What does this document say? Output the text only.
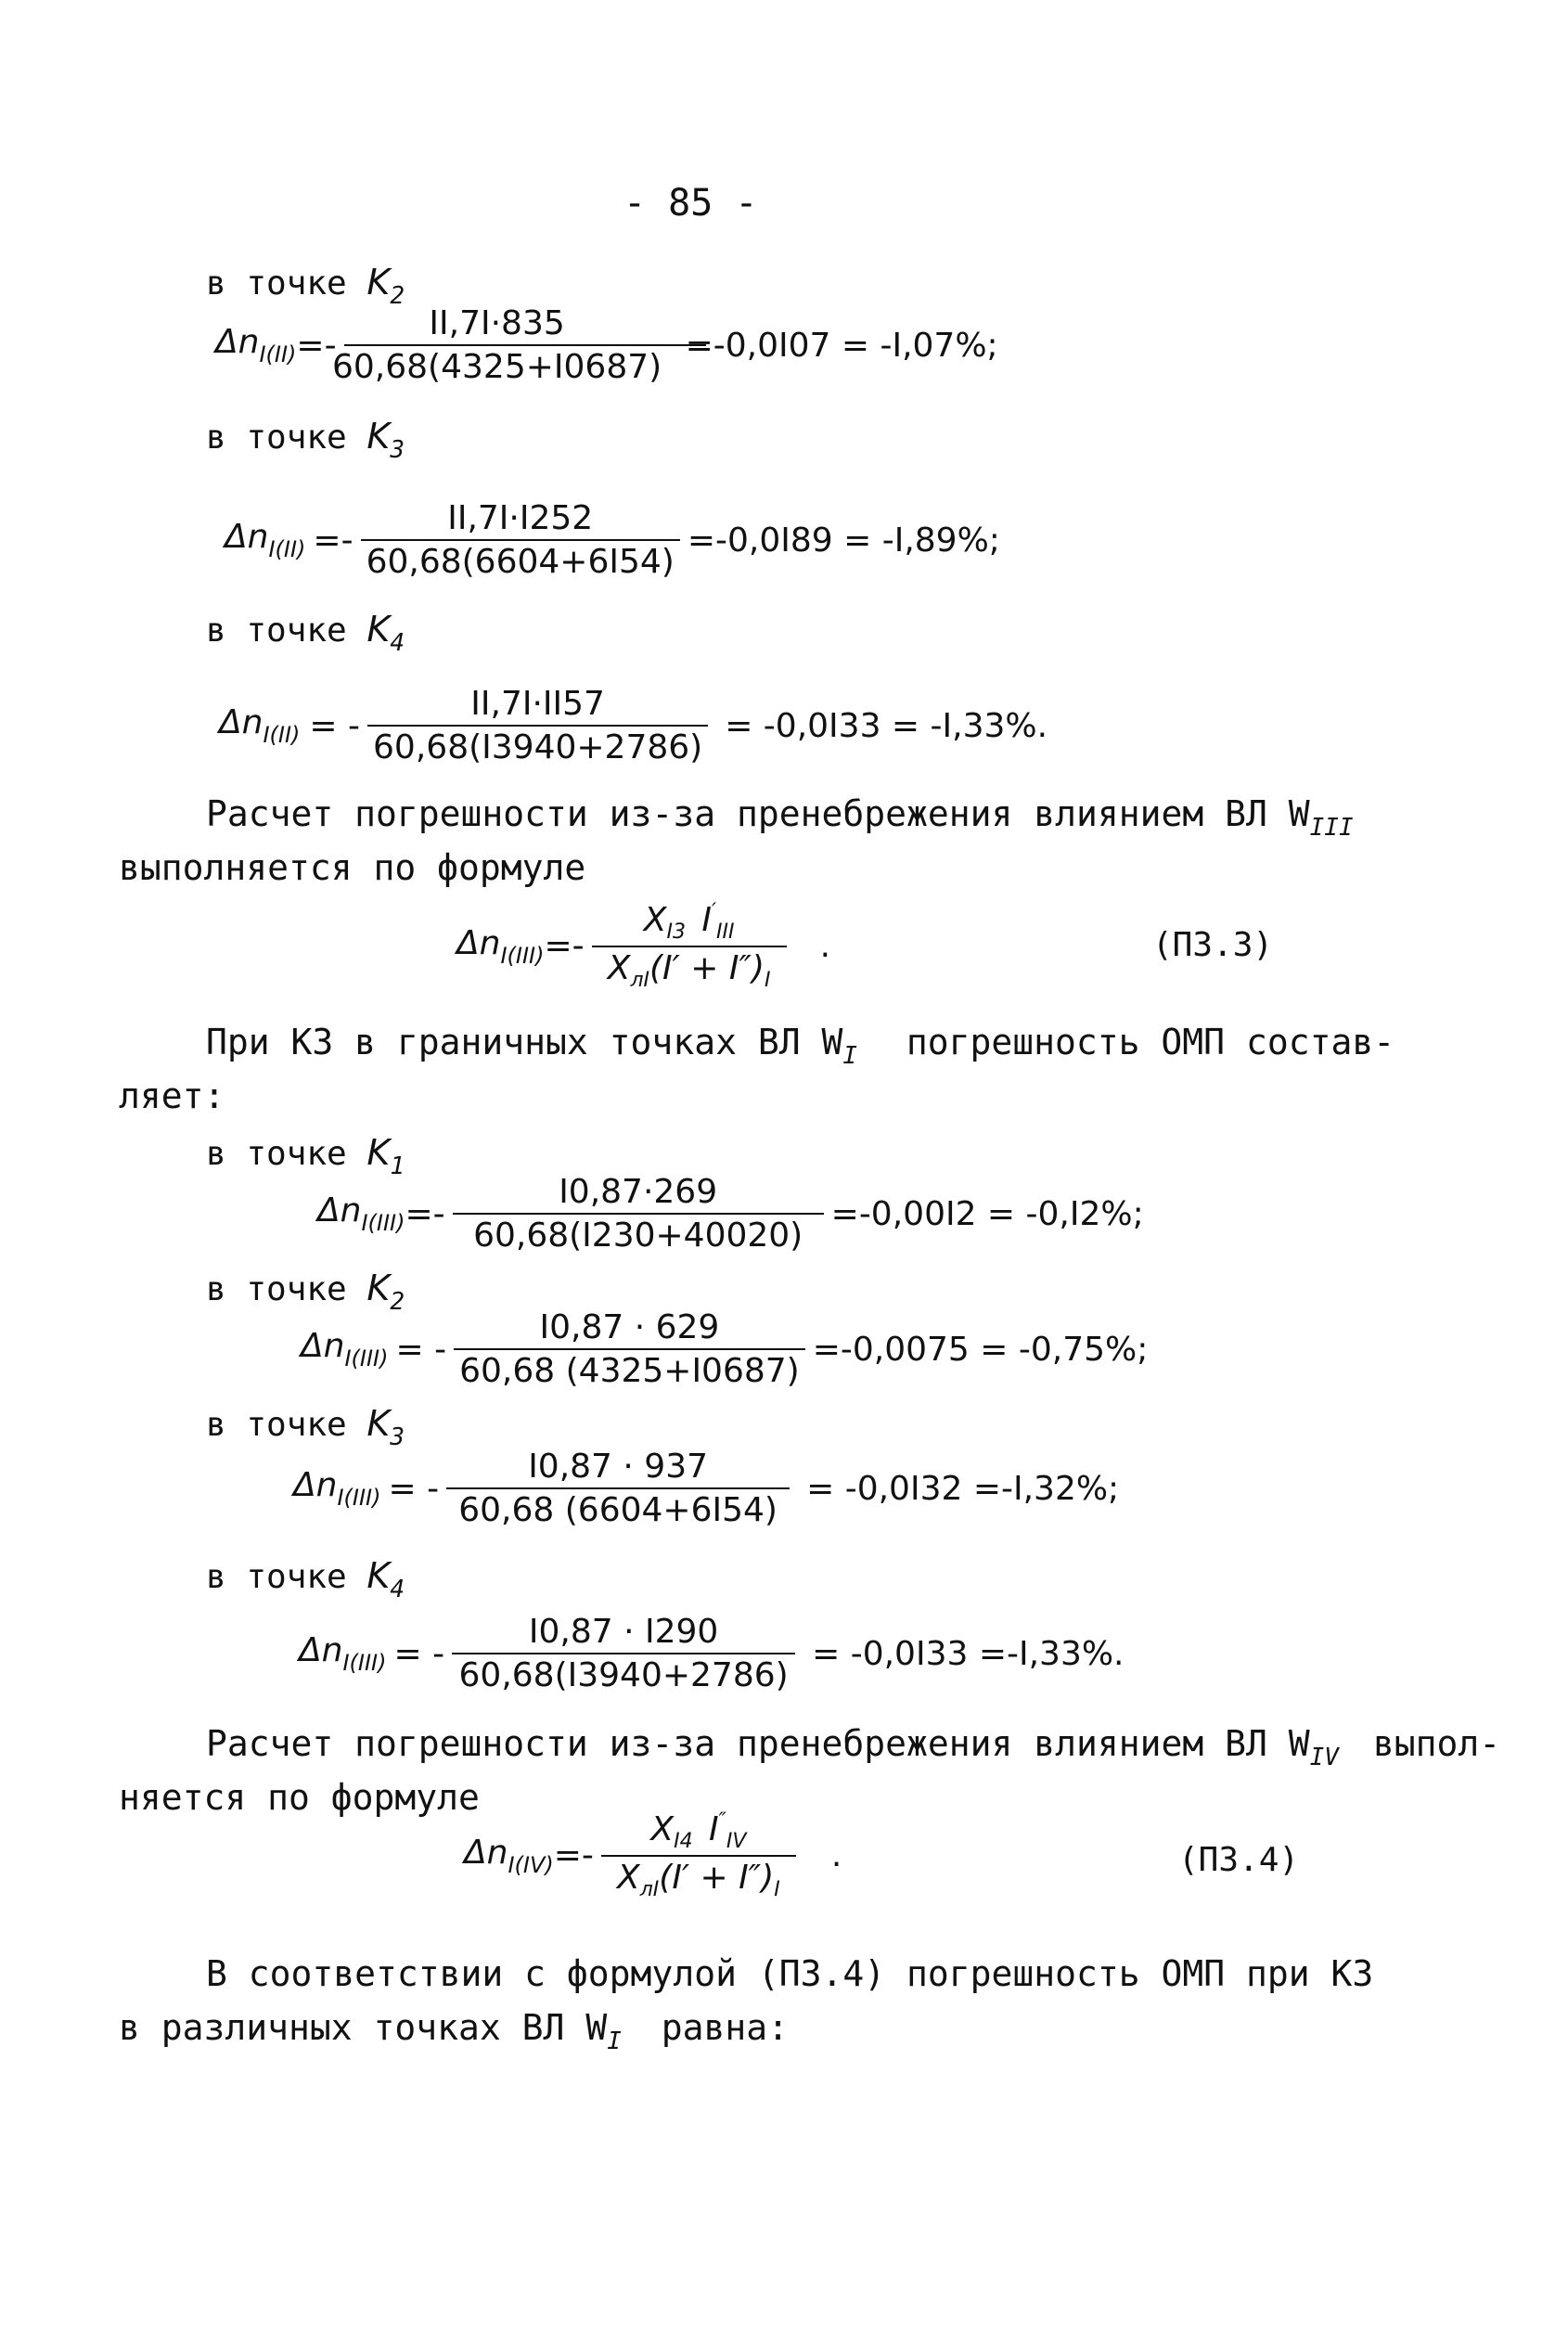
- 85 -
в точке $K_2$
$\Delta n_{I(II)} =- \frac{II,7I\cdot 835}{60,68(4325+I0687)}$	=-0,0I07 = -I,07%;
в точке $K_3$
$\Delta n_{I(II)} =- \frac{II,7I\cdot I252}{60,68(6604+6I54)} =-0,0I89 = -I,89\%$;
в точке $K_4$
$\Delta n_{I(II)}$ = - $\frac{II,7I\cdot II57}{60,68(I3940+2786)} = -0,0I33 = -I,33\%$.
Расчет погрешности из-за пренебрежения влиянием ВЛ $W_{III}$
выполняется по формуле
$\Delta n_{I(III)} =- \frac{X_{I3} I'_{III}}{X_{лI}(I' + I'')_I}$ .	(П3.3)
При КЗ в граничных точках ВЛ $W_I$ погрешность ОМП состав-
ляет:
в точке $K_1$
$\Delta n_{I(III)} =- \frac{I0,87\cdot 269}{60,68(I230+40020)} =-0,00I2 = -0,I2\%$;
в точке $K_2$
$\Delta n_{I(III)}$ = - $\frac{I0,87 \cdot 629}{60,68 (4325+I0687)} =-0,0075 = -0,75\%$;
в точке $K_3$
$\Delta n_{I(III)}$ = - $\frac{I0,87 \cdot 937}{60,68 (6604+6I54)} = -0,0I32 =-I,32\%$;
в точке $K_4$
$\Delta n_{I(III)}$ = - $\frac{I0,87 \cdot I290}{60,68(I3940+2786)} = -0,0I33 =-I,33\%$.
Расчет погрешности из-за пренебрежения влиянием ВЛ $W_{IV}$ выпол-
няется по формуле
$\Delta n_{I(IV)} =- \frac{X_{I4} I''_{IV}}{X_{лI}(I' + I'')_I}$ .	(П3.4)
В соответствии с формулой (П3.4) погрешность ОМП при КЗ
в различных точках ВЛ $W_I$ равна:
